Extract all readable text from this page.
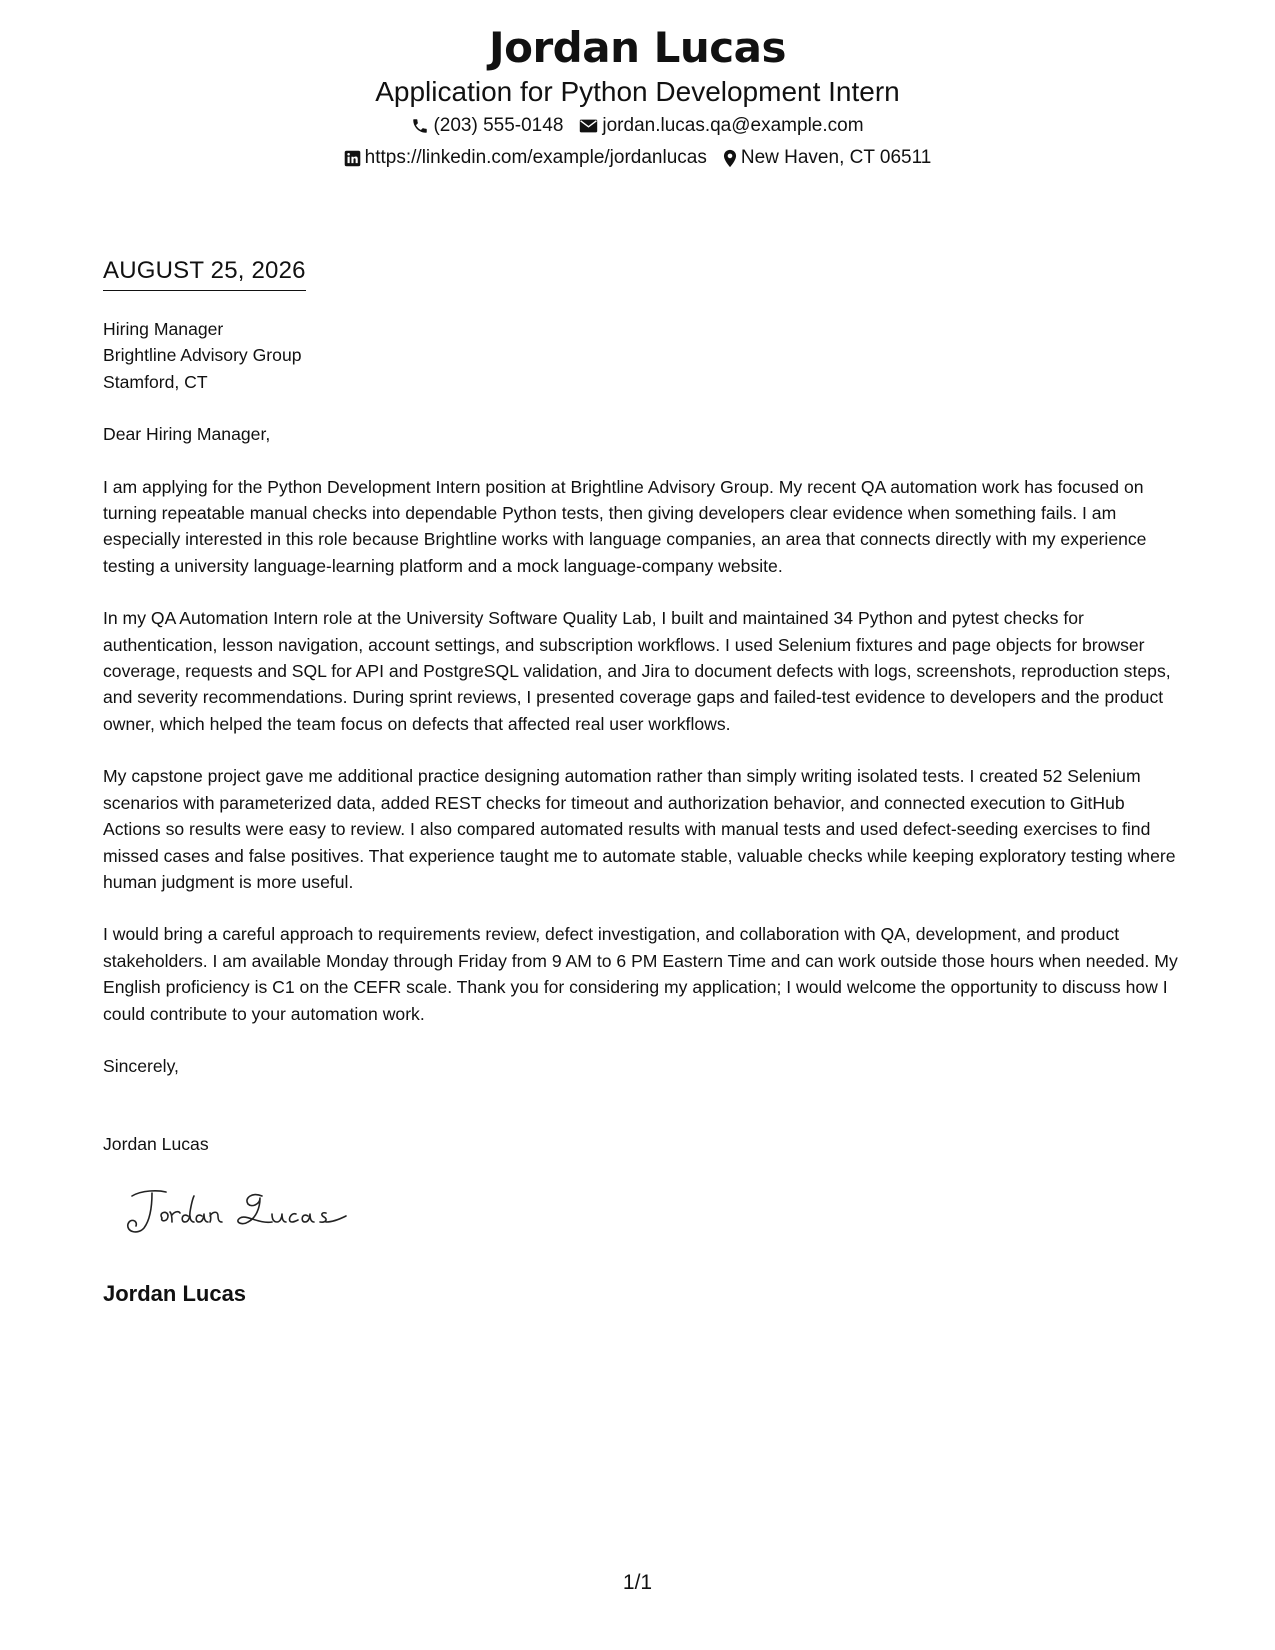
Jordan Lucas
Application for Python Development Intern
(203) 555-0148 jordan.lucas.qa@example.com
https://linkedin.com/example/jordanlucas New Haven, CT 06511
AUGUST 25, 2026
Hiring Manager
Brightline Advisory Group
Stamford, CT
Dear Hiring Manager,

I am applying for the Python Development Intern position at Brightline Advisory Group. My recent QA automation work has focused on turning repeatable manual checks into dependable Python tests, then giving developers clear evidence when something fails. I am especially interested in this role because Brightline works with language companies, an area that connects directly with my experience testing a university language-learning platform and a mock language-company website.

In my QA Automation Intern role at the University Software Quality Lab, I built and maintained 34 Python and pytest checks for authentication, lesson navigation, account settings, and subscription workflows. I used Selenium fixtures and page objects for browser coverage, requests and SQL for API and PostgreSQL validation, and Jira to document defects with logs, screenshots, reproduction steps, and severity recommendations. During sprint reviews, I presented coverage gaps and failed-test evidence to developers and the product owner, which helped the team focus on defects that affected real user workflows.

My capstone project gave me additional practice designing automation rather than simply writing isolated tests. I created 52 Selenium scenarios with parameterized data, added REST checks for timeout and authorization behavior, and connected execution to GitHub Actions so results were easy to review. I also compared automated results with manual tests and used defect-seeding exercises to find missed cases and false positives. That experience taught me to automate stable, valuable checks while keeping exploratory testing where human judgment is more useful.

I would bring a careful approach to requirements review, defect investigation, and collaboration with QA, development, and product stakeholders. I am available Monday through Friday from 9 AM to 6 PM Eastern Time and can work outside those hours when needed. My English proficiency is C1 on the CEFR scale. Thank you for considering my application; I would welcome the opportunity to discuss how I could contribute to your automation work.

Sincerely,
Jordan Lucas
Jordan Lucas
1/1
